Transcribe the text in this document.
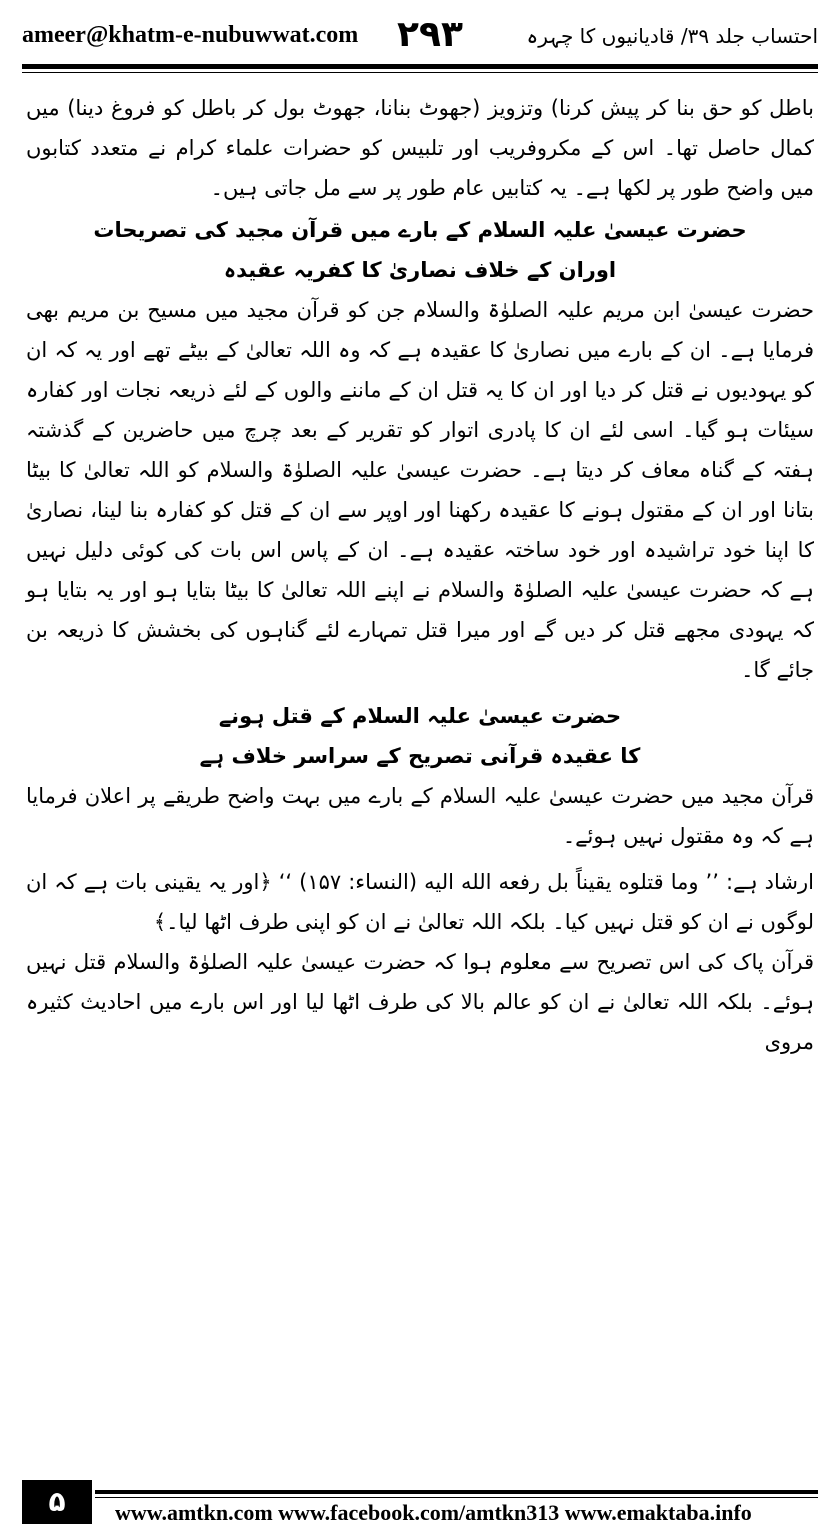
ameer@khatm-e-nubuwwat.com ۲۹۳	احتساب جلد ۳۹/ قادیانیوں کا چہرہ

باطل کو حق بنا کر پیش کرنا) وتزویز (جھوٹ بنانا، جھوٹ بول کر باطل کو فروغ دینا) میں کمال حاصل تھا۔ اس کے مکروفریب اور تلبیس کو حضرات علماء کرام نے متعدد کتابوں میں واضح طور پر لکھا ہے۔ یہ کتابیں عام طور پر سے مل جاتی ہیں۔

حضرت عیسیٰ علیہ السلام کے بارے میں قرآن مجید کی تصریحات

اوران کے خلاف نصاریٰ کا کفریہ عقیدہ

حضرت عیسیٰ ابن مریم علیہ الصلوٰۃ والسلام جن کو قرآن مجید میں مسیح بن مریم بھی فرمایا ہے۔ ان کے بارے میں نصاریٰ کا عقیدہ ہے کہ وہ اللہ تعالیٰ کے بیٹے تھے اور یہ کہ ان کو یہودیوں نے قتل کر دیا اور ان کا یہ قتل ان کے ماننے والوں کے لئے ذریعہ نجات اور کفارہ سیئات ہو گیا۔ اسی لئے ان کا پادری اتوار کو تقریر کے بعد چرچ میں حاضرین کے گذشتہ ہفتہ کے گناہ معاف کر دیتا ہے۔ حضرت عیسیٰ علیہ الصلوٰۃ والسلام کو اللہ تعالیٰ کا بیٹا بتانا اور ان کے مقتول ہونے کا عقیدہ رکھنا اور اوپر سے ان کے قتل کو کفارہ بنا لینا، نصاریٰ کا اپنا خود تراشیدہ اور خود ساختہ عقیدہ ہے۔ ان کے پاس اس بات کی کوئی دلیل نہیں ہے کہ حضرت عیسیٰ علیہ الصلوٰۃ والسلام نے اپنے اللہ تعالیٰ کا بیٹا بتایا ہو اور یہ بتایا ہو کہ یہودی مجھے قتل کر دیں گے اور میرا قتل تمہارے لئے گناہوں کی بخشش کا ذریعہ بن جائے گا۔

حضرت عیسیٰ علیہ السلام کے قتل ہونے

کا عقیدہ قرآنی تصریح کے سراسر خلاف ہے

قرآن مجید میں حضرت عیسیٰ علیہ السلام کے بارے میں بہت واضح طریقے پر اعلان فرمایا ہے کہ وہ مقتول نہیں ہوئے۔

ارشاد ہے: ’’ وما قتلوه يقيناً بل رفعه الله اليه (النساء: ۱۵۷) ‘‘ ﴿اور یہ یقینی بات ہے کہ ان لوگوں نے ان کو قتل نہیں کیا۔ بلکہ اللہ تعالیٰ نے ان کو اپنی طرف اٹھا لیا۔﴾

قرآن پاک کی اس تصریح سے معلوم ہوا کہ حضرت عیسیٰ علیہ الصلوٰۃ والسلام قتل نہیں ہوئے۔ بلکہ اللہ تعالیٰ نے ان کو عالم بالا کی طرف اٹھا لیا اور اس بارے میں احادیث کثیرہ مروی

۵	www.amtkn.com www.facebook.com/amtkn313 www.emaktaba.info
